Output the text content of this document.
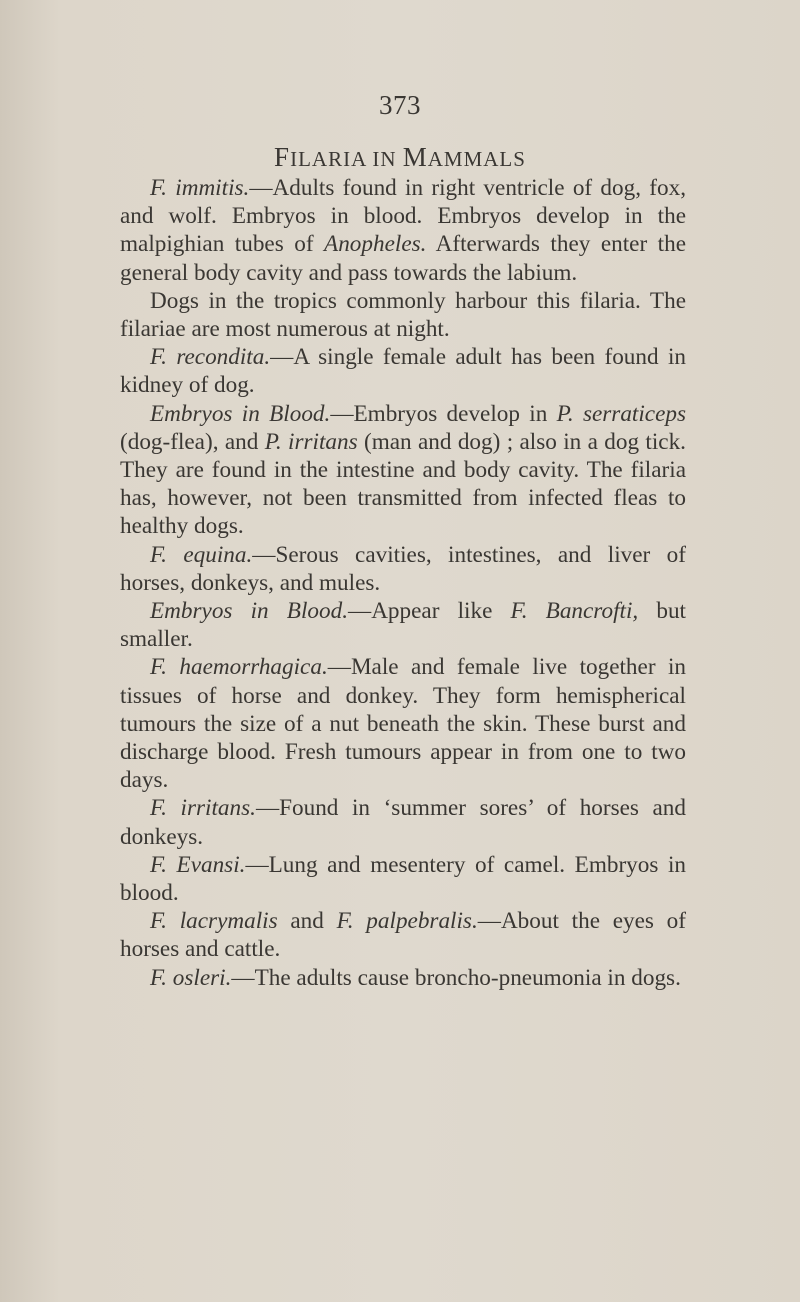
373
FILARIA IN MAMMALS

F. immitis.—Adults found in right ventricle of dog, fox, and wolf. Embryos in blood. Embryos develop in the malpighian tubes of Anopheles. Afterwards they enter the general body cavity and pass towards the labium.

Dogs in the tropics commonly harbour this filaria. The filariae are most numerous at night.

F. recondita.—A single female adult has been found in kidney of dog.

Embryos in Blood.—Embryos develop in P. serraticeps (dog-flea), and P. irritans (man and dog) ; also in a dog tick. They are found in the intestine and body cavity. The filaria has, however, not been transmitted from infected fleas to healthy dogs.

F. equina.—Serous cavities, intestines, and liver of horses, donkeys, and mules.

Embryos in Blood.—Appear like F. Bancrofti, but smaller.

F. haemorrhagica.—Male and female live together in tissues of horse and donkey. They form hemispherical tumours the size of a nut beneath the skin. These burst and discharge blood. Fresh tumours appear in from one to two days.

F. irritans.—Found in ‘summer sores’ of horses and donkeys.

F. Evansi.—Lung and mesentery of camel. Embryos in blood.

F. lacrymalis and F. palpebralis.—About the eyes of horses and cattle.

F. osleri.—The adults cause broncho-pneumonia in dogs.
